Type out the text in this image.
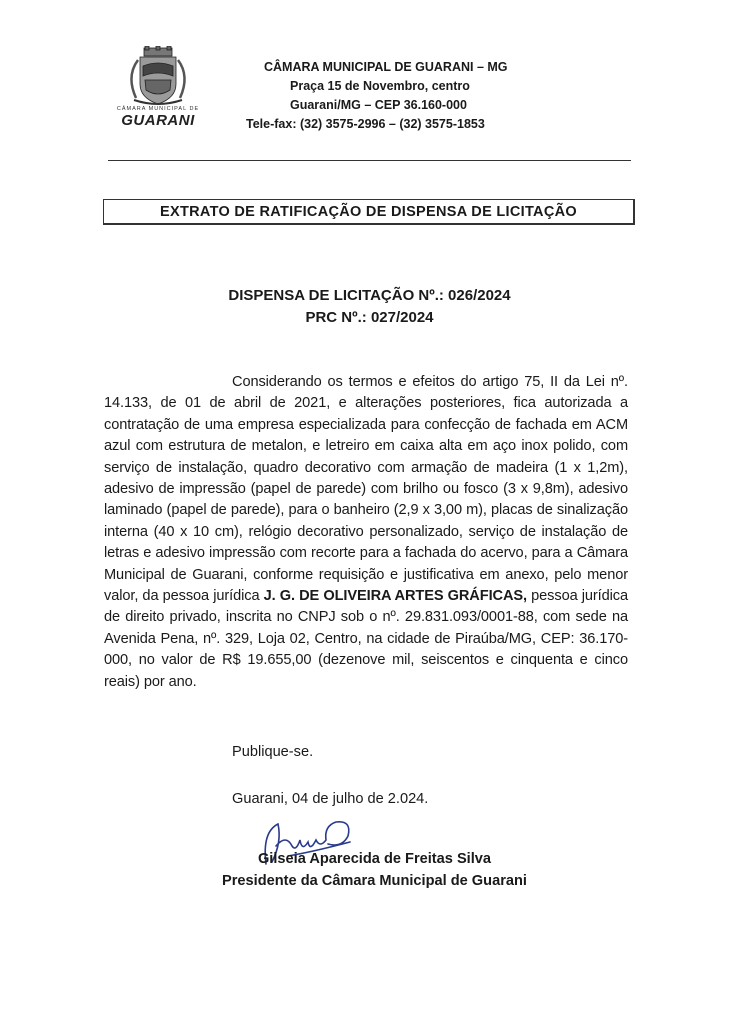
CÂMARA MUNICIPAL DE
GUARANI
CÂMARA MUNICIPAL DE GUARANI – MG
Praça 15 de Novembro, centro
Guarani/MG – CEP 36.160-000
Tele-fax: (32) 3575-2996 – (32) 3575-1853
EXTRATO DE RATIFICAÇÃO DE DISPENSA DE LICITAÇÃO
DISPENSA DE LICITAÇÃO Nº.: 026/2024
PRC Nº.: 027/2024
Considerando os termos e efeitos do artigo 75, II da Lei nº. 14.133, de 01 de abril de 2021, e alterações posteriores, fica autorizada a contratação de uma empresa especializada para confecção de fachada em ACM azul com estrutura de metalon, e letreiro em caixa alta em aço inox polido, com serviço de instalação, quadro decorativo com armação de madeira (1 x 1,2m), adesivo de impressão (papel de parede) com brilho ou fosco (3 x 9,8m), adesivo laminado (papel de parede), para o banheiro (2,9 x 3,00 m), placas de sinalização interna (40 x 10 cm), relógio decorativo personalizado, serviço de instalação de letras e adesivo impressão com recorte para a fachada do acervo, para a Câmara Municipal de Guarani, conforme requisição e justificativa em anexo, pelo menor valor, da pessoa jurídica J. G. DE OLIVEIRA ARTES GRÁFICAS, pessoa jurídica de direito privado, inscrita no CNPJ sob o nº. 29.831.093/0001-88, com sede na Avenida Pena, nº. 329, Loja 02, Centro, na cidade de Piraúba/MG, CEP: 36.170-000, no valor de R$ 19.655,00 (dezenove mil, seiscentos e cinquenta e cinco reais) por ano.
Publique-se.
Guarani, 04 de julho de 2.024.
Gilseia Aparecida de Freitas Silva
Presidente da Câmara Municipal de Guarani
